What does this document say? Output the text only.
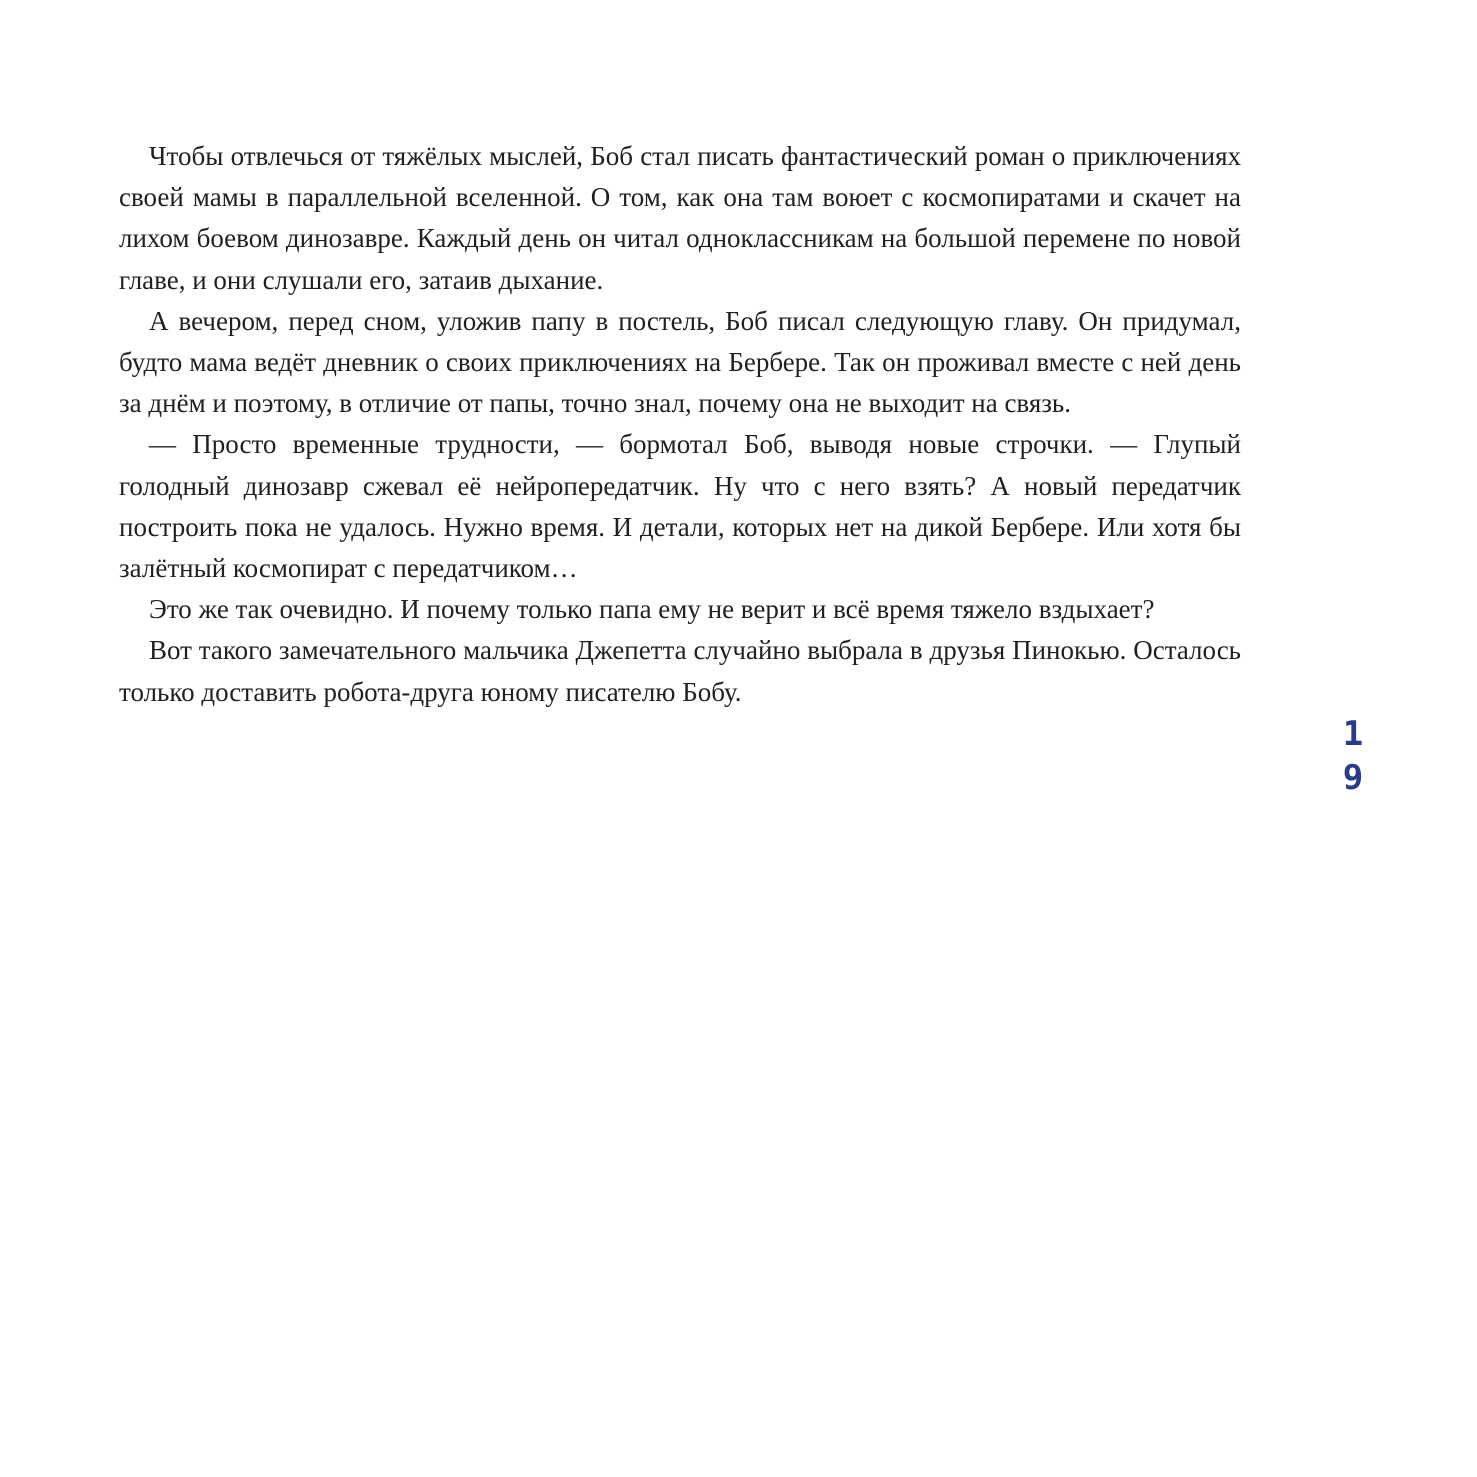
Чтобы отвлечься от тяжёлых мыслей, Боб стал писать фантастический роман о приключениях своей мамы в параллельной вселенной. О том, как она там воюет с космопиратами и скачет на лихом боевом динозавре. Каждый день он читал одноклассникам на большой перемене по новой главе, и они слушали его, затаив дыхание.

А вечером, перед сном, уложив папу в постель, Боб писал следующую главу. Он придумал, будто мама ведёт дневник о своих приключениях на Бербере. Так он проживал вместе с ней день за днём и поэтому, в отличие от папы, точно знал, почему она не выходит на связь.

— Просто временные трудности, — бормотал Боб, выводя новые строчки. — Глупый голодный динозавр сжевал её нейропередатчик. Ну что с него взять? А новый передатчик построить пока не удалось. Нужно время. И детали, которых нет на дикой Бербере. Или хотя бы залётный космопират с передатчиком…

Это же так очевидно. И почему только папа ему не верит и всё время тяжело вздыхает?

Вот такого замечательного мальчика Джепетта случайно выбрала в друзья Пинокью. Осталось только доставить робота-друга юному писателю Бобу.

1
9
